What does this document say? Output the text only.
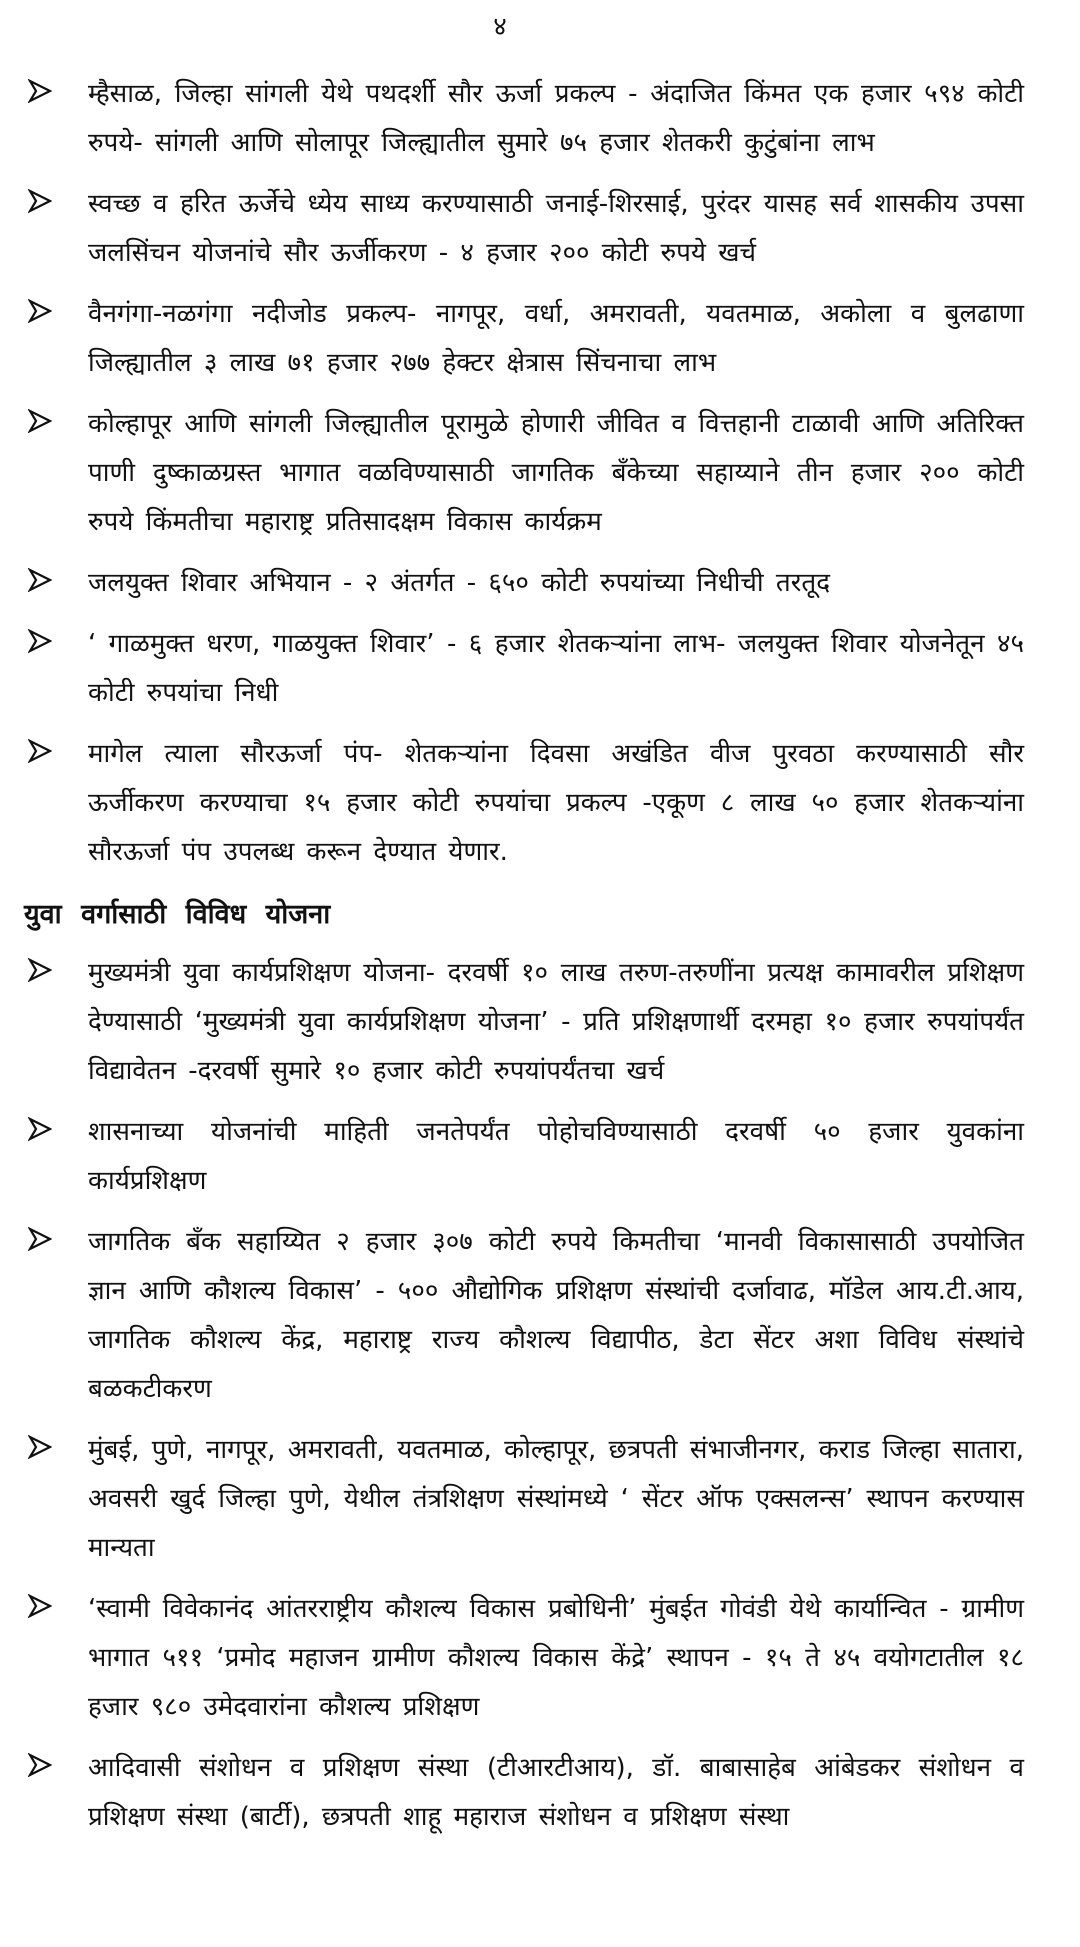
४
म्हैसाळ, जिल्हा सांगली येथे पथदर्शी सौर ऊर्जा प्रकल्प - अंदाजित किंमत एक हजार ५९४ कोटी रुपये- सांगली आणि सोलापूर जिल्ह्यातील सुमारे ७५ हजार शेतकरी कुटुंबांना लाभ
स्वच्छ व हरित ऊर्जेचे ध्येय साध्य करण्यासाठी जनाई-शिरसाई, पुरंदर यासह सर्व शासकीय उपसा जलसिंचन योजनांचे सौर ऊर्जीकरण - ४ हजार २०० कोटी रुपये खर्च
वैनगंगा-नळगंगा नदीजोड प्रकल्प- नागपूर, वर्धा, अमरावती, यवतमाळ, अकोला व बुलढाणा जिल्ह्यातील ३ लाख ७१ हजार २७७ हेक्टर क्षेत्रास सिंचनाचा लाभ
कोल्हापूर आणि सांगली जिल्ह्यातील पूरामुळे होणारी जीवित व वित्तहानी टाळावी आणि अतिरिक्त पाणी दुष्काळग्रस्त भागात वळविण्यासाठी जागतिक बँकेच्या सहाय्याने तीन हजार २०० कोटी रुपये किंमतीचा महाराष्ट्र प्रतिसादक्षम विकास कार्यक्रम
जलयुक्त शिवार अभियान - २ अंतर्गत - ६५० कोटी रुपयांच्या निधीची तरतूद
‘ गाळमुक्त धरण, गाळयुक्त शिवार’ - ६ हजार शेतकऱ्यांना लाभ- जलयुक्त शिवार योजनेतून ४५ कोटी रुपयांचा निधी
मागेल त्याला सौरऊर्जा पंप- शेतकऱ्यांना दिवसा अखंडित वीज पुरवठा करण्यासाठी सौर ऊर्जीकरण करण्याचा १५ हजार कोटी रुपयांचा प्रकल्प -एकूण ८ लाख ५० हजार शेतकऱ्यांना सौरऊर्जा पंप उपलब्ध करून देण्यात येणार.
युवा वर्गासाठी विविध योजना
मुख्यमंत्री युवा कार्यप्रशिक्षण योजना- दरवर्षी १० लाख तरुण-तरुणींना प्रत्यक्ष कामावरील प्रशिक्षण देण्यासाठी ‘मुख्यमंत्री युवा कार्यप्रशिक्षण योजना’ - प्रति प्रशिक्षणार्थी दरमहा १० हजार रुपयांपर्यंत विद्यावेतन -दरवर्षी सुमारे १० हजार कोटी रुपयांपर्यंतचा खर्च
शासनाच्या योजनांची माहिती जनतेपर्यंत पोहोचविण्यासाठी दरवर्षी ५० हजार युवकांना कार्यप्रशिक्षण
जागतिक बँक सहाय्यित २ हजार ३०७ कोटी रुपये किमतीचा ‘मानवी विकासासाठी उपयोजित ज्ञान आणि कौशल्य विकास’ - ५०० औद्योगिक प्रशिक्षण संस्थांची दर्जावाढ, मॉडेल आय.टी.आय, जागतिक कौशल्य केंद्र, महाराष्ट्र राज्य कौशल्य विद्यापीठ, डेटा सेंटर अशा विविध संस्थांचे बळकटीकरण
मुंबई, पुणे, नागपूर, अमरावती, यवतमाळ, कोल्हापूर, छत्रपती संभाजीनगर, कराड जिल्हा सातारा, अवसरी खुर्द जिल्हा पुणे, येथील तंत्रशिक्षण संस्थांमध्ये ‘ सेंटर ऑफ एक्सलन्स’ स्थापन करण्यास मान्यता
‘स्वामी विवेकानंद आंतरराष्ट्रीय कौशल्य विकास प्रबोधिनी’ मुंबईत गोवंडी येथे कार्यान्वित - ग्रामीण भागात ५११ ‘प्रमोद महाजन ग्रामीण कौशल्य विकास केंद्रे’ स्थापन - १५ ते ४५ वयोगटातील १८ हजार ९८० उमेदवारांना कौशल्य प्रशिक्षण
आदिवासी संशोधन व प्रशिक्षण संस्था (टीआरटीआय), डॉ. बाबासाहेब आंबेडकर संशोधन व प्रशिक्षण संस्था (बार्टी), छत्रपती शाहू महाराज संशोधन व प्रशिक्षण संस्था
